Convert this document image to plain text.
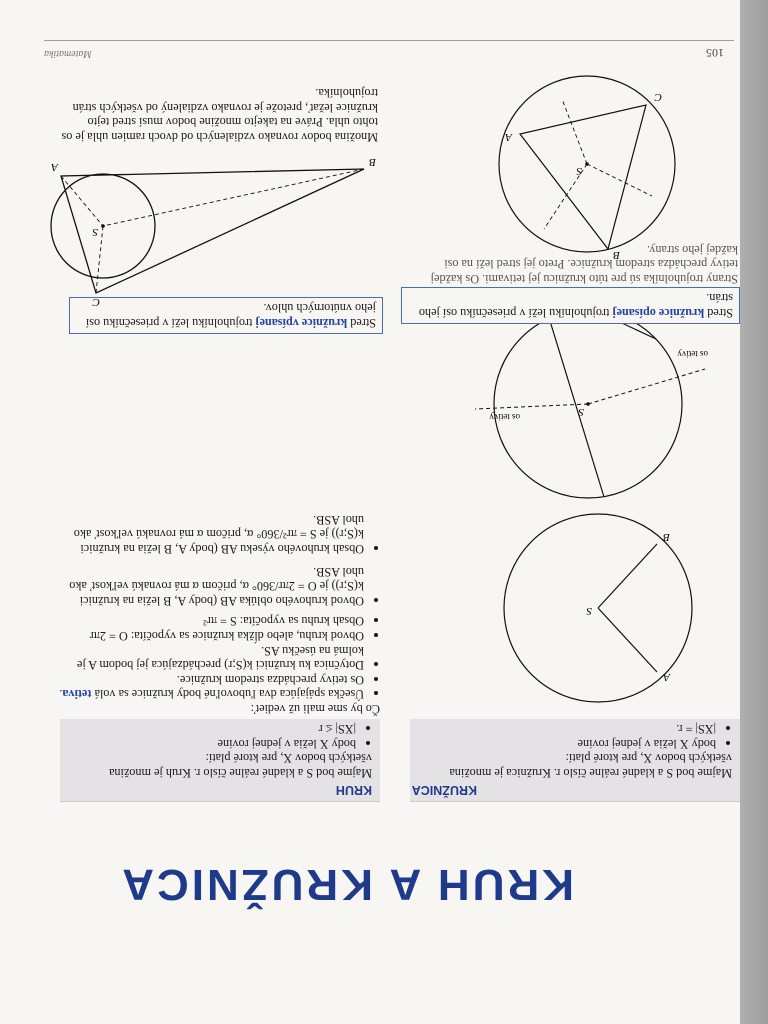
Matematika	105
KRUH A KRUŽNICA
KRUŽNICA

Majme bod S a kladné reálne číslo r. Kružnica je množina všetkých bodov X, pre ktoré platí:

• body X ležia v jednej rovine
• |XS| = r.
KRUH

Majme bod S a kladné reálne číslo r. Kruh je množina všetkých bodov X, pre ktoré platí:

• body X ležia v jednej rovine
• |XS| ≤ r

Čo by sme mali už vedieť:

• Úsečka spájajúca dva ľubovoľné body kružnice sa volá tetiva.
• Os tetivy prechádza stredom kružnice.
• Dotyčnica ku kružnici k(S;r) prechádzajúca jej bodom A je kolmá na úsečku AS.
• Obvod kruhu, alebo dĺžka kružnice sa vypočíta: O = 2πr
• Obsah kruhu sa vypočíta: S = πr²
• Obvod kruhového oblúka AB (body A, B ležia na kružnici k(S;r)) je O = 2πr/360° α, pričom α má rovnakú veľkosť ako uhol ASB.
• Obsah kruhového výseku AB (body A, B ležia na kružnici k(S;r)) je S = πr²/360° α, pričom α má rovnakú veľkosť ako uhol ASB.
A
B
S
S
os tetivy
os tetivy
Stred kružnice opísanej trojuholníku leží v priesečníku osí jeho strán.
Stred kružnice vpísanej trojuholníku leží v priesečníku osí jeho vnútorných uhlov.
A
B
C
S

Strany trojuholníka sú pre túto kružnicu jej tetivami. Os každej tetivy prechádza stredom kružnice. Preto jej stred leží na osi každej jeho strany.

B
A
C
S

Množina bodov rovnako vzdialených od dvoch ramien uhla je os tohto uhla. Práve na takejto množine bodov musí stred tejto kružnice ležať, pretože je rovnako vzdialený od všetkých strán trojuholníka.
